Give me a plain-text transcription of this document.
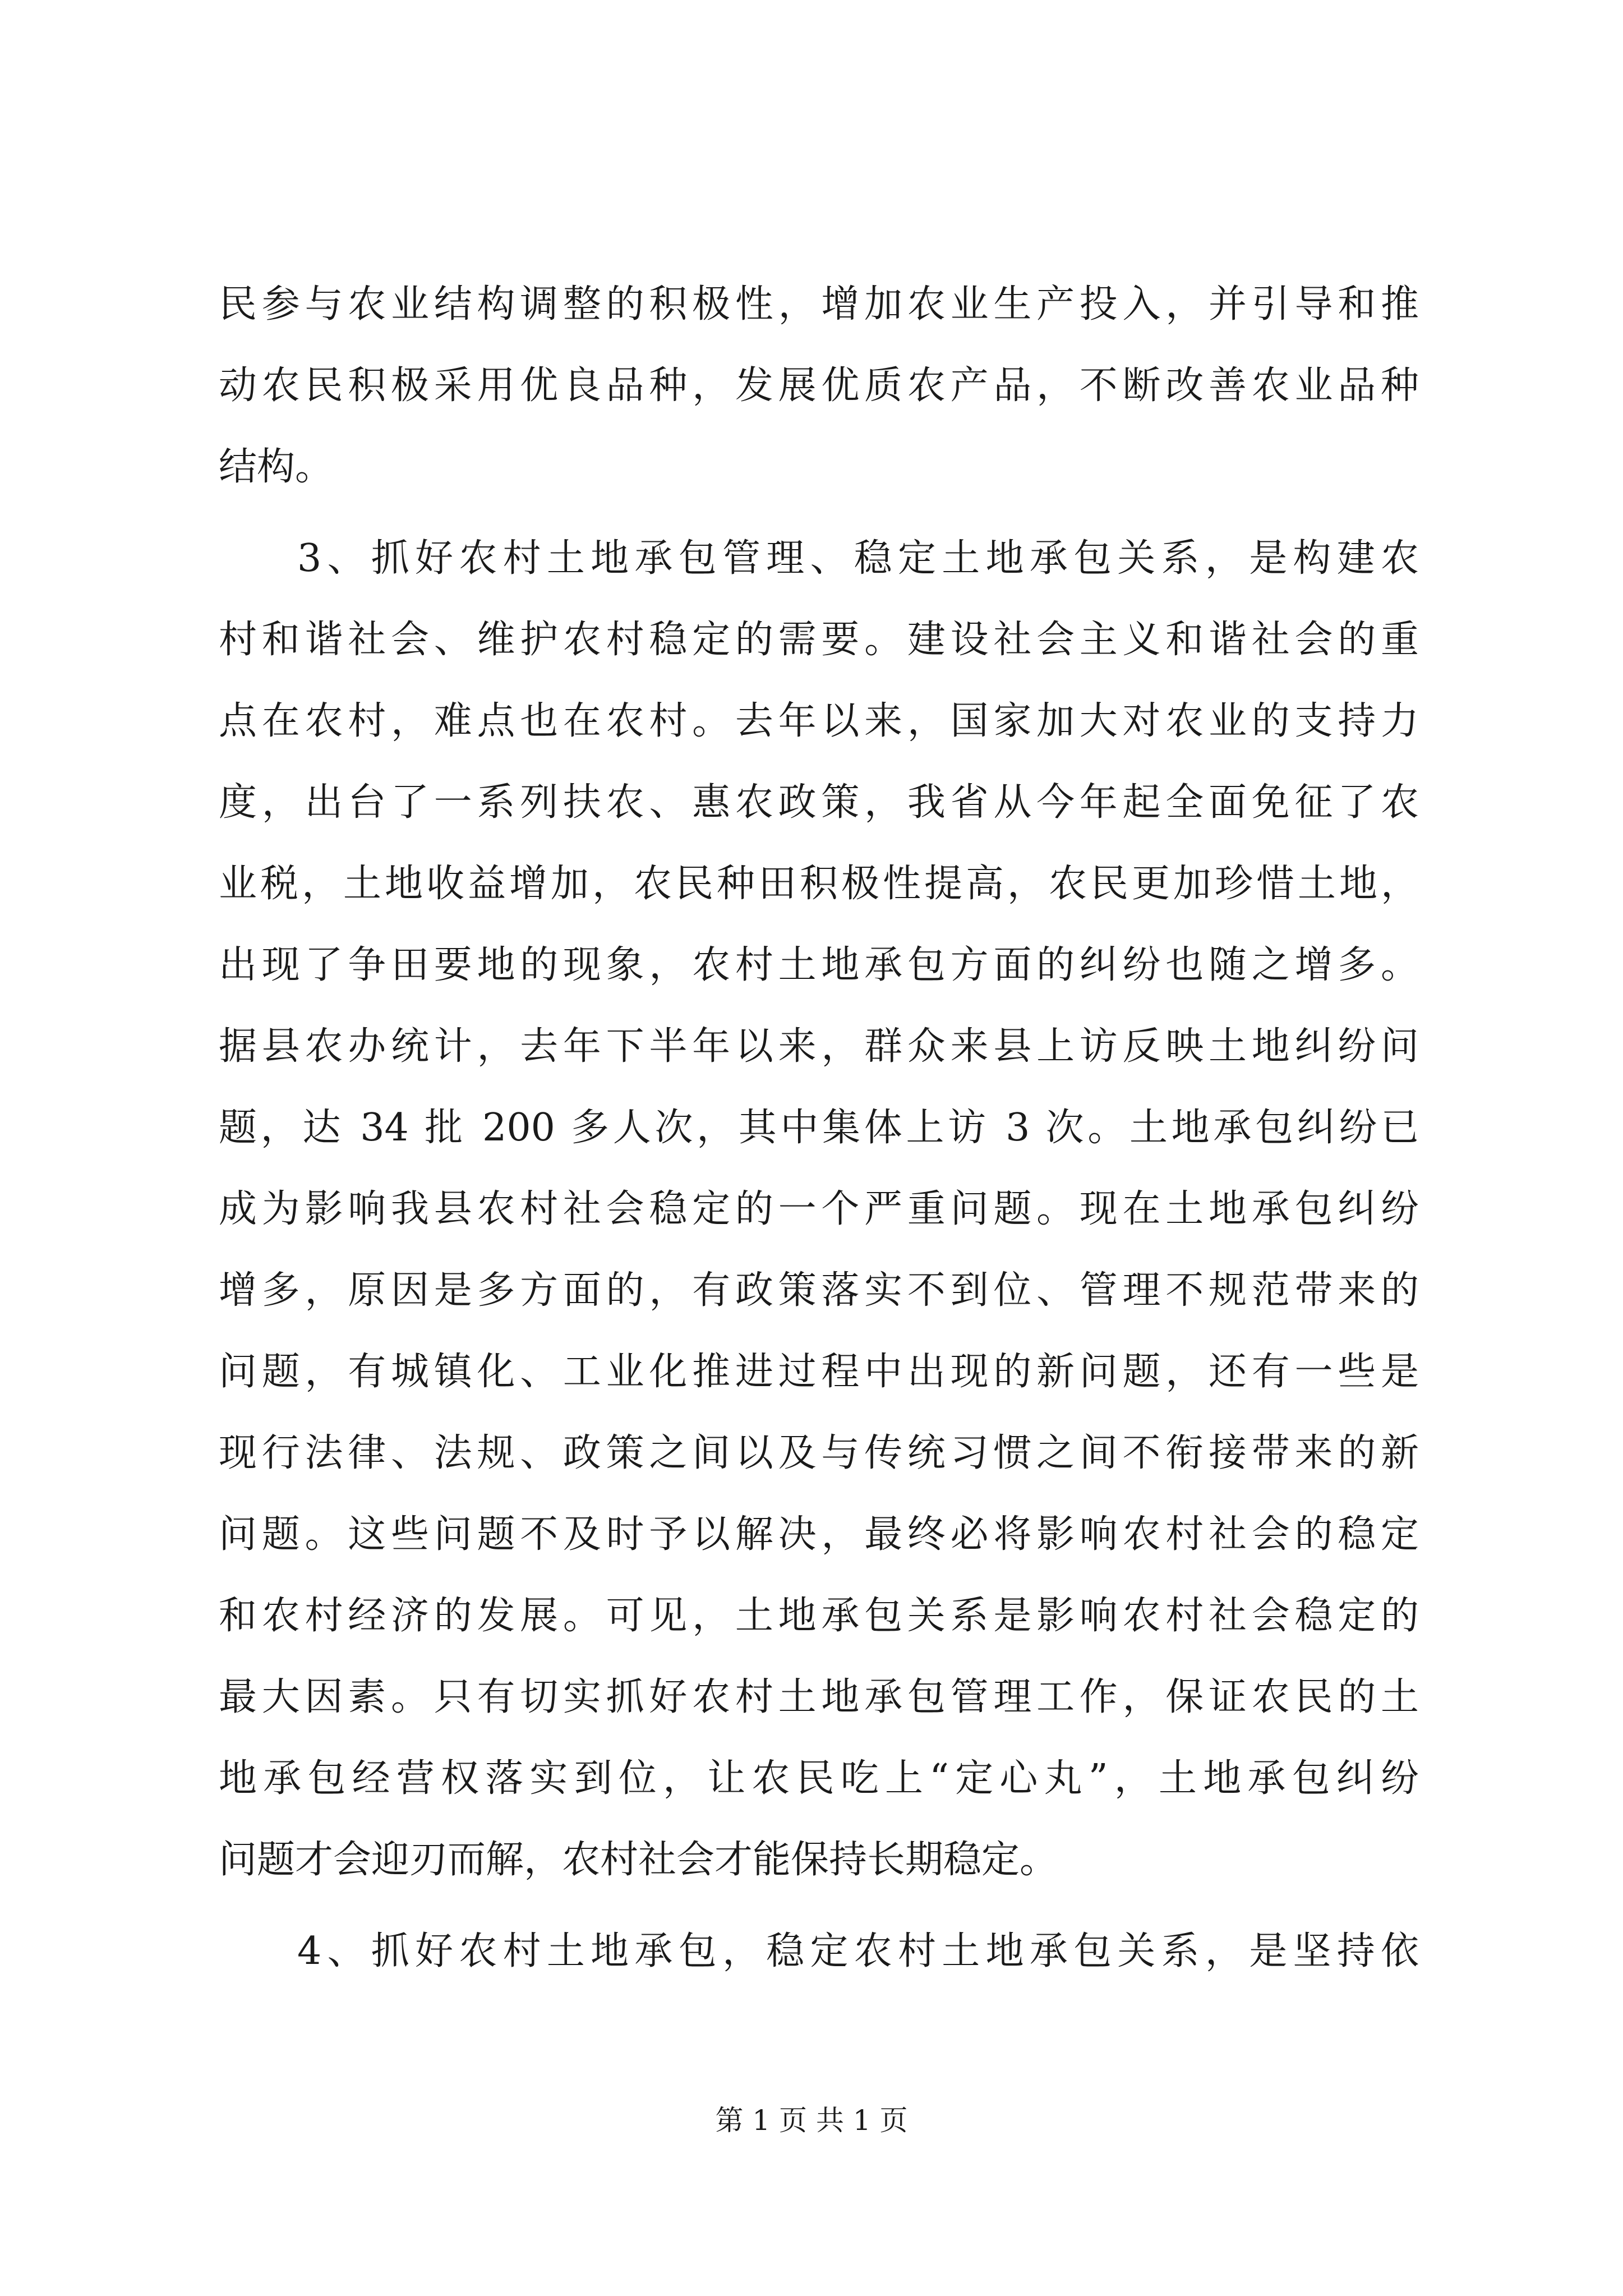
民参与农业结构调整的积极性，增加农业生产投入，并引导和推
动农民积极采用优良品种，发展优质农产品，不断改善农业品种
结构。
3、抓好农村土地承包管理、稳定土地承包关系，是构建农
村和谐社会、维护农村稳定的需要。建设社会主义和谐社会的重
点在农村，难点也在农村。去年以来，国家加大对农业的支持力
度，出台了一系列扶农、惠农政策，我省从今年起全面免征了农
业税，土地收益增加，农民种田积极性提高，农民更加珍惜土地，
出现了争田要地的现象，农村土地承包方面的纠纷也随之增多。
据县农办统计，去年下半年以来，群众来县上访反映土地纠纷问
题，达 34 批 200 多人次，其中集体上访 3 次。土地承包纠纷已
成为影响我县农村社会稳定的一个严重问题。现在土地承包纠纷
增多，原因是多方面的，有政策落实不到位、管理不规范带来的
问题，有城镇化、工业化推进过程中出现的新问题，还有一些是
现行法律、法规、政策之间以及与传统习惯之间不衔接带来的新
问题。这些问题不及时予以解决，最终必将影响农村社会的稳定
和农村经济的发展。可见，土地承包关系是影响农村社会稳定的
最大因素。只有切实抓好农村土地承包管理工作，保证农民的土
地承包经营权落实到位，让农民吃上“定心丸”，土地承包纠纷
问题才会迎刃而解，农村社会才能保持长期稳定。
4、抓好农村土地承包，稳定农村土地承包关系，是坚持依
第 1 页 共 1 页
